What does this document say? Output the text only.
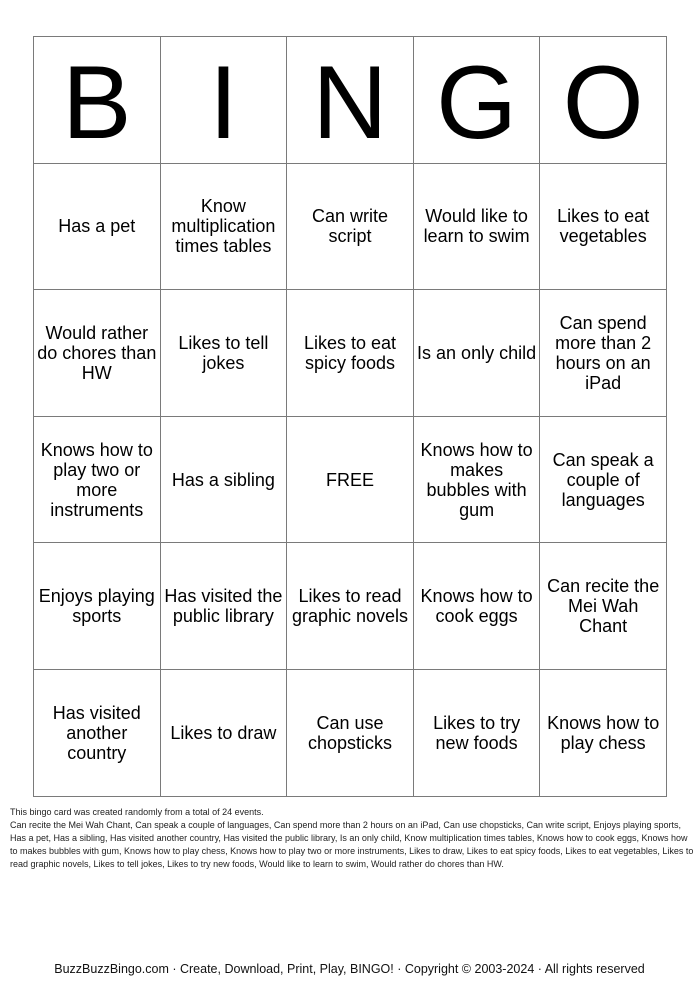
B	I	N	G	O
Has a pet	Know multiplication times tables	Can write script	Would like to learn to swim	Likes to eat vegetables
Would rather do chores than HW	Likes to tell jokes	Likes to eat spicy foods	Is an only child	Can spend more than 2 hours on an iPad
Knows how to play two or more instruments	Has a sibling	FREE	Knows how to makes bubbles with gum	Can speak a couple of languages
Enjoys playing sports	Has visited the public library	Likes to read graphic novels	Knows how to cook eggs	Can recite the Mei Wah Chant
Has visited another country	Likes to draw	Can use chopsticks	Likes to try new foods	Knows how to play chess
This bingo card was created randomly from a total of 24 events.
Can recite the Mei Wah Chant, Can speak a couple of languages, Can spend more than 2 hours on an iPad, Can use chopsticks, Can write script, Enjoys playing sports, Has a pet, Has a sibling, Has visited another country, Has visited the public library, Is an only child, Know multiplication times tables, Knows how to cook eggs, Knows how to makes bubbles with gum, Knows how to play chess, Knows how to play two or more instruments, Likes to draw, Likes to eat spicy foods, Likes to eat vegetables, Likes to read graphic novels, Likes to tell jokes, Likes to try new foods, Would like to learn to swim, Would rather do chores than HW.
BuzzBuzzBingo.com · Create, Download, Print, Play, BINGO! · Copyright © 2003-2024 · All rights reserved
